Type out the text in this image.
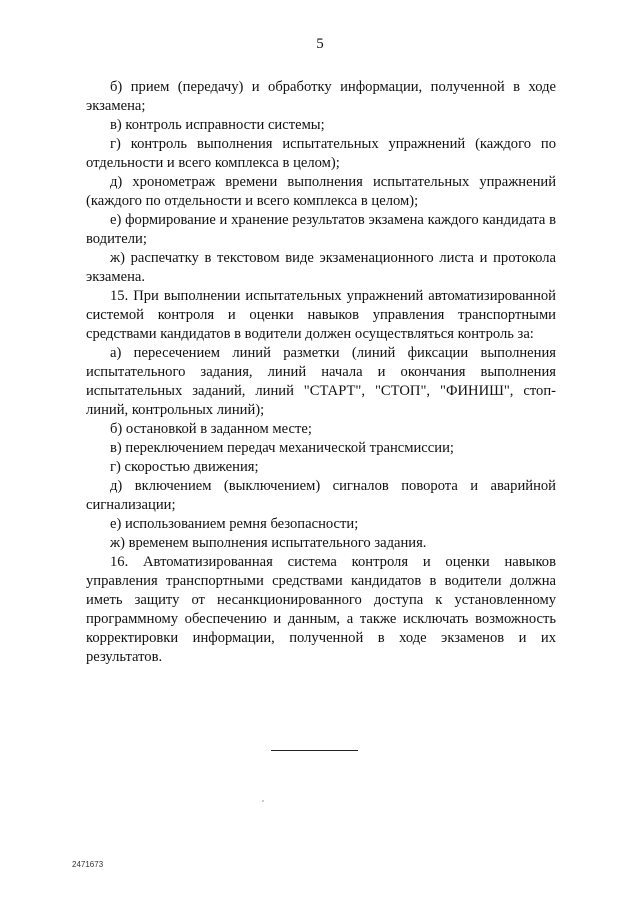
5

б) прием (передачу) и обработку информации, полученной в ходе экзамена;

в) контроль исправности системы;

г) контроль выполнения испытательных упражнений (каждого по отдельности и всего комплекса в целом);

д) хронометраж времени выполнения испытательных упражнений (каждого по отдельности и всего комплекса в целом);

е) формирование и хранение результатов экзамена каждого кандидата в водители;

ж) распечатку в текстовом виде экзаменационного листа и протокола экзамена.

15. При выполнении испытательных упражнений автоматизированной системой контроля и оценки навыков управления транспортными средствами кандидатов в водители должен осуществляться контроль за:

а) пересечением линий разметки (линий фиксации выполнения испытательного задания, линий начала и окончания выполнения испытательных заданий, линий "СТАРТ", "СТОП", "ФИНИШ", стоп-линий, контрольных линий);

б) остановкой в заданном месте;

в) переключением передач механической трансмиссии;

г) скоростью движения;

д) включением (выключением) сигналов поворота и аварийной сигнализации;

е) использованием ремня безопасности;

ж) временем выполнения испытательного задания.

16. Автоматизированная система контроля и оценки навыков управления транспортными средствами кандидатов в водители должна иметь защиту от несанкционированного доступа к установленному программному обеспечению и данным, а также исключать возможность корректировки информации, полученной в ходе экзаменов и их результатов.

2471673
